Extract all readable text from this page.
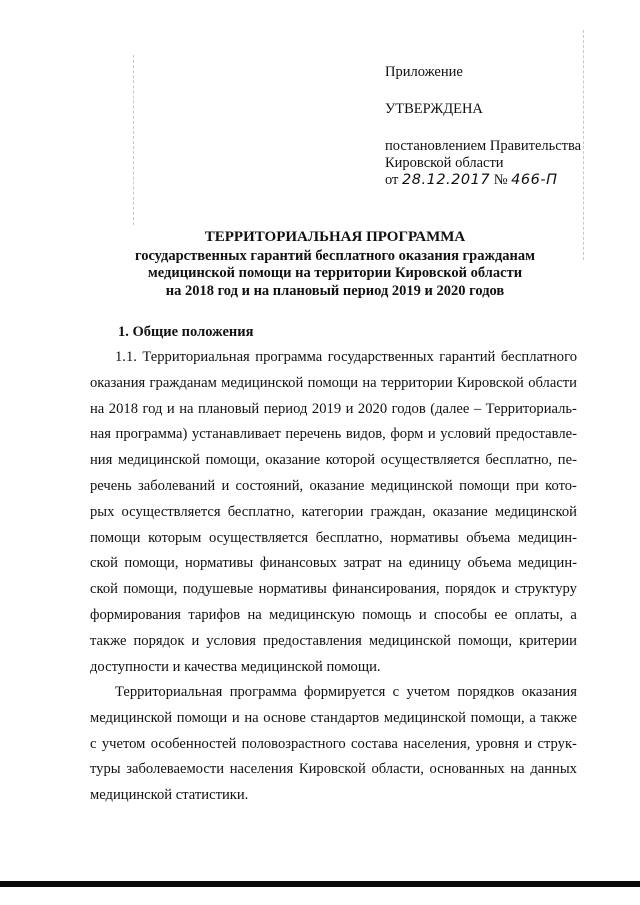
Приложение
УТВЕРЖДЕНА
постановлением Правительства
Кировской области
от 28.12.2017 № 466-П
ТЕРРИТОРИАЛЬНАЯ ПРОГРАММА
государственных гарантий бесплатного оказания гражданам
медицинской помощи на территории Кировской области
на 2018 год и на плановый период 2019 и 2020 годов
1. Общие положения
1.1. Территориальная программа государственных гарантий бесплатного
оказания гражданам медицинской помощи на территории Кировской области
на 2018 год и на плановый период 2019 и 2020 годов (далее – Территориаль-
ная программа) устанавливает перечень видов, форм и условий предоставле-
ния медицинской помощи, оказание которой осуществляется бесплатно, пе-
речень заболеваний и состояний, оказание медицинской помощи при кото-
рых осуществляется бесплатно, категории граждан, оказание медицинской
помощи которым осуществляется бесплатно, нормативы объема медицин-
ской помощи, нормативы финансовых затрат на единицу объема медицин-
ской помощи, подушевые нормативы финансирования, порядок и структуру
формирования тарифов на медицинскую помощь и способы ее оплаты, а
также порядок и условия предоставления медицинской помощи, критерии
доступности и качества медицинской помощи.
Территориальная программа формируется с учетом порядков оказания
медицинской помощи и на основе стандартов медицинской помощи, а также
с учетом особенностей половозрастного состава населения, уровня и струк-
туры заболеваемости населения Кировской области, основанных на данных
медицинской статистики.
